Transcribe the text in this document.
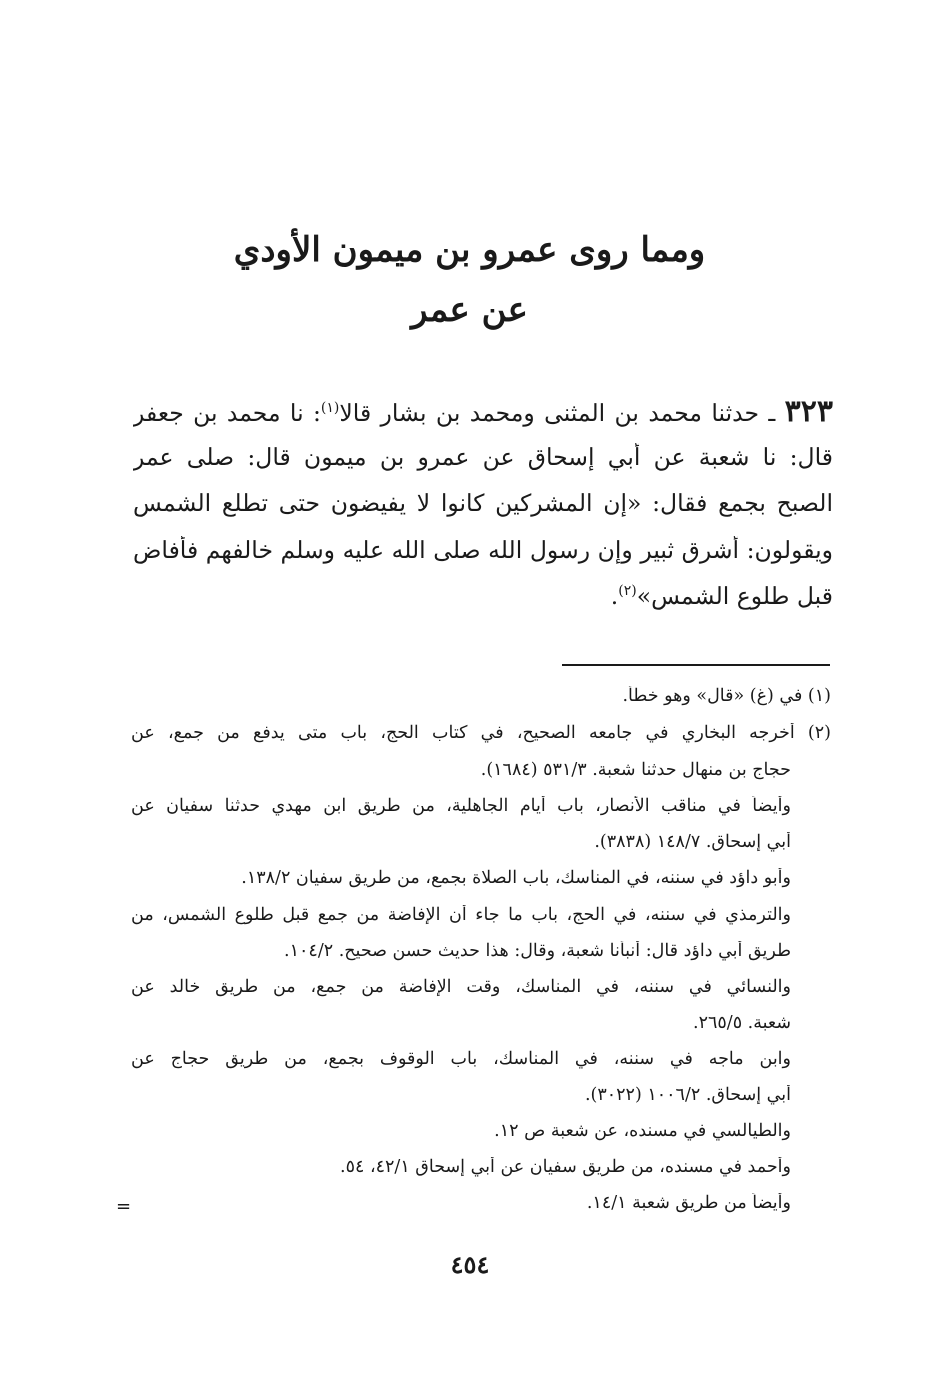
ومما روى عمرو بن ميمون الأودي
عن عمر
٣٢٣ ـ حدثنا محمد بن المثنى ومحمد بن بشار قالا$^{(١)}$: نا محمد بن جعفر
قال: نا شعبة عن أبي إسحاق عن عمرو بن ميمون قال: صلى عمر
الصبح بجمع فقال: «إن المشركين كانوا لا يفيضون حتى تطلع الشمس
ويقولون: أشرق ثبير وإن رسول الله صلى الله عليه وسلم خالفهم فأفاض
قبل طلوع الشمس»$^{(٢)}$.
(١) في (غ) «قال» وهو خطأ.
(٢) أخرجه البخاري في جامعه الصحيح، في كتاب الحج، باب متى يدفع من جمع، عن
حجاج بن منهال حدثنا شعبة. ٥٣١/٣ (١٦٨٤).
وأيضاً في مناقب الأنصار، باب أيام الجاهلية، من طريق ابن مهدي حدثنا سفيان عن
أبي إسحاق. ١٤٨/٧ (٣٨٣٨).
وأبو داؤد في سننه، في المناسك، باب الصلاة بجمع، من طريق سفيان ١٣٨/٢.
والترمذي في سننه، في الحج، باب ما جاء أن الإفاضة من جمع قبل طلوع الشمس، من
طريق أبي داؤد قال: أنبأنا شعبة، وقال: هذا حديث حسن صحيح. ١٠٤/٢.
والنسائي في سننه، في المناسك، وقت الإفاضة من جمع، من طريق خالد عن
شعبة. ٢٦٥/٥.
وابن ماجه في سننه، في المناسك، باب الوقوف بجمع، من طريق حجاج عن
أبي إسحاق. ١٠٠٦/٢ (٣٠٢٢).
والطيالسي في مسنده، عن شعبة ص ١٢.
وأحمد في مسنده، من طريق سفيان عن أبي إسحاق ٤٢/١، ٥٤.
وأيضاً من طريق شعبة ١٤/١.
=
٤٥٤
